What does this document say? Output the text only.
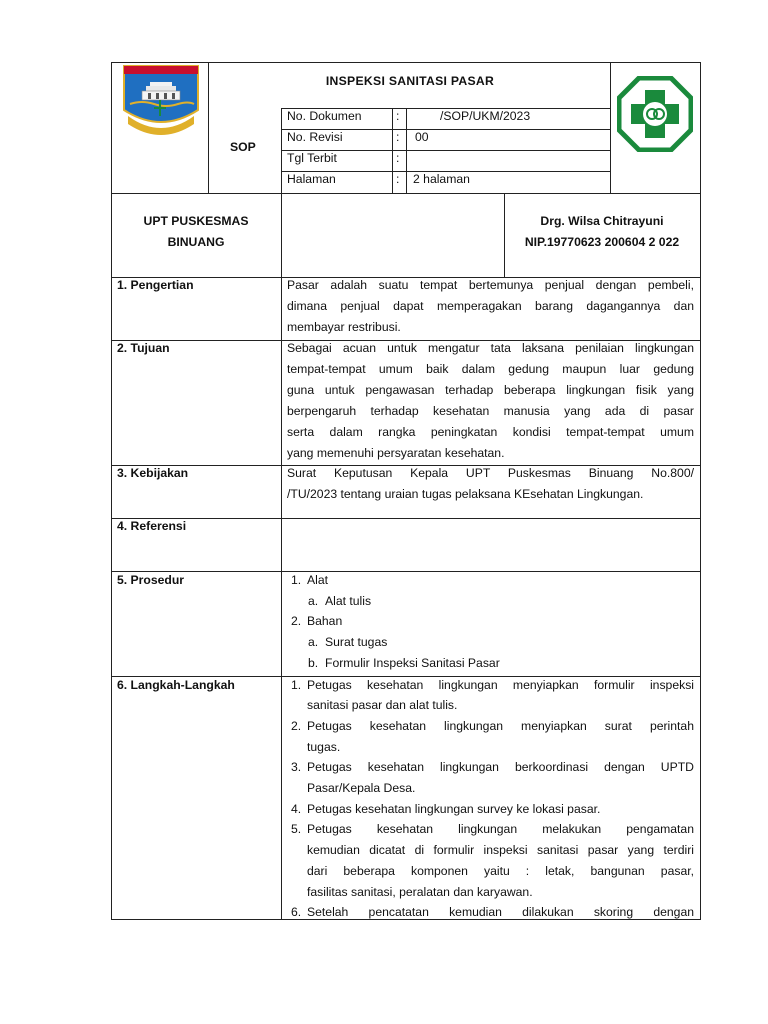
INSPEKSI SANITASI PASAR
SOP
No. Dokumen	:	/SOP/UKM/2023
No. Revisi	: 00
Tgl Terbit	:
Halaman	: 2 halaman
UPT PUSKESMAS
BINUANG
Drg. Wilsa Chitrayuni
NIP.19770623 200604 2 022
1. Pengertian	Pasar adalah suatu tempat bertemunya penjual dengan pembeli,
dimana penjual dapat memperagakan barang dagangannya dan
membayar restribusi.
2. Tujuan	Sebagai acuan untuk mengatur tata laksana penilaian lingkungan
tempat-tempat umum baik dalam gedung maupun luar gedung
guna untuk pengawasan terhadap beberapa lingkungan fisik yang
berpengaruh terhadap kesehatan manusia yang ada di pasar
serta dalam rangka peningkatan kondisi tempat-tempat umum
yang memenuhi persyaratan kesehatan.
3. Kebijakan	Surat Keputusan Kepala UPT Puskesmas Binuang No.800/
/TU/2023 tentang uraian tugas pelaksana KEsehatan Lingkungan.
4. Referensi
5. Prosedur	1. Alat
a. Alat tulis
2. Bahan
a. Surat tugas
b. Formulir Inspeksi Sanitasi Pasar
6. Langkah-Langkah	1. Petugas kesehatan lingkungan menyiapkan formulir inspeksi
sanitasi pasar dan alat tulis.
2. Petugas kesehatan lingkungan menyiapkan surat perintah
tugas.
3. Petugas kesehatan lingkungan berkoordinasi dengan UPTD
Pasar/Kepala Desa.
4. Petugas kesehatan lingkungan survey ke lokasi pasar.
5. Petugas kesehatan lingkungan melakukan pengamatan
kemudian dicatat di formulir inspeksi sanitasi pasar yang terdiri
dari beberapa komponen yaitu : letak, bangunan pasar,
fasilitas sanitasi, peralatan dan karyawan.
6. Setelah pencatatan kemudian dilakukan skoring dengan
